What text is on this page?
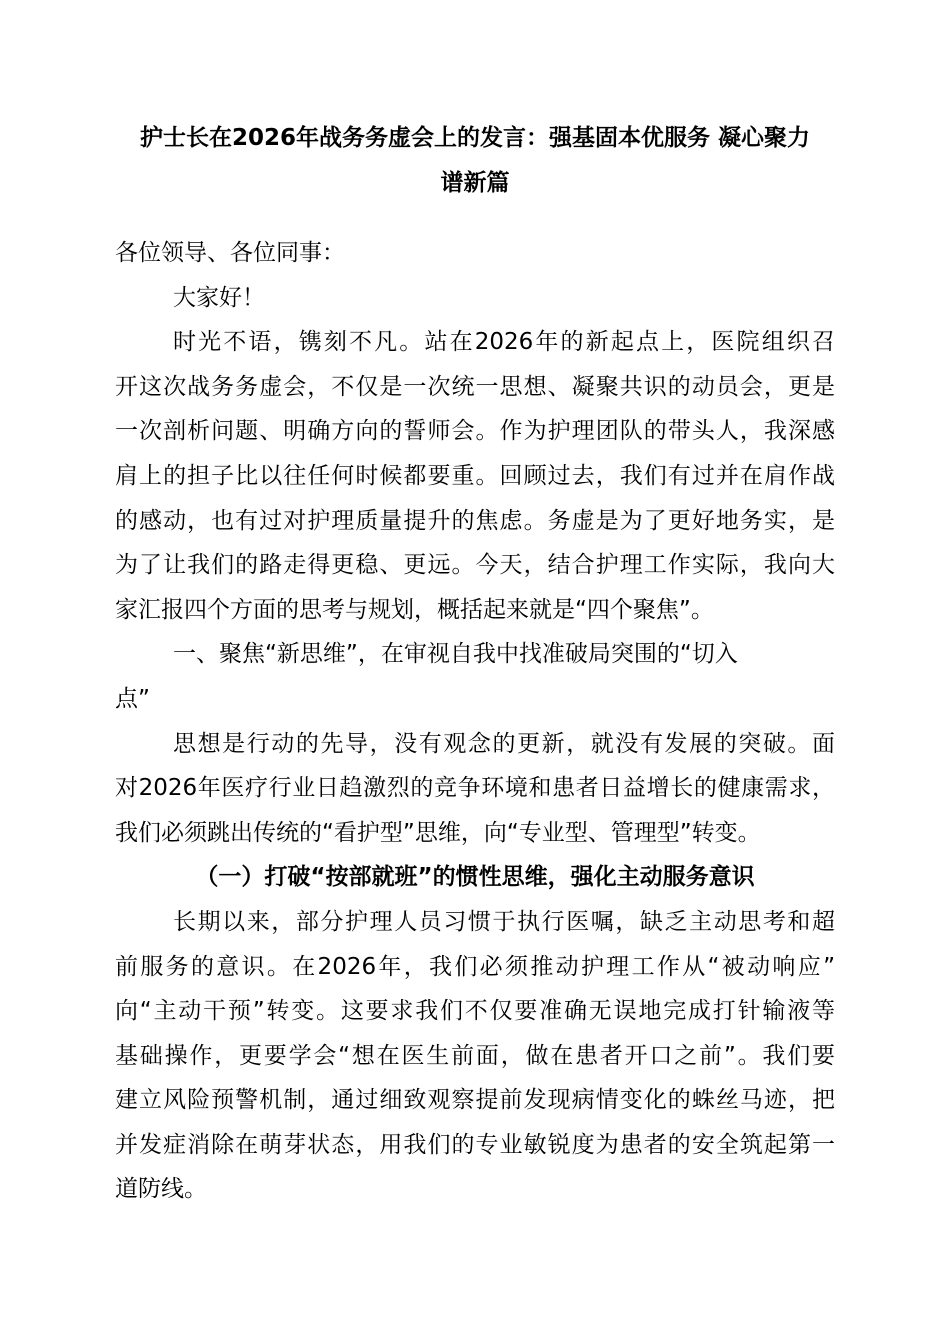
护士长在2026年战务务虚会上的发言：强基固本优服务 凝心聚力
谱新篇
各位领导、各位同事：
大家好！
时光不语，镌刻不凡。站在2026年的新起点上，医院组织召
开这次战务务虚会，不仅是一次统一思想、凝聚共识的动员会，更是
一次剖析问题、明确方向的誓师会。作为护理团队的带头人，我深感
肩上的担子比以往任何时候都要重。回顾过去，我们有过并在肩作战
的感动，也有过对护理质量提升的焦虑。务虚是为了更好地务实，是
为了让我们的路走得更稳、更远。今天，结合护理工作实际，我向大
家汇报四个方面的思考与规划，概括起来就是“四个聚焦”。
一、聚焦“新思维”，在审视自我中找准破局突围的“切入
点”
思想是行动的先导，没有观念的更新，就没有发展的突破。面
对2026年医疗行业日趋激烈的竞争环境和患者日益增长的健康需求，
我们必须跳出传统的“看护型”思维，向“专业型、管理型”转变。
（一）打破“按部就班”的惯性思维，强化主动服务意识
长期以来，部分护理人员习惯于执行医嘱，缺乏主动思考和超
前服务的意识。在2026年，我们必须推动护理工作从“被动响应”
向“主动干预”转变。这要求我们不仅要准确无误地完成打针输液等
基础操作，更要学会“想在医生前面，做在患者开口之前”。我们要
建立风险预警机制，通过细致观察提前发现病情变化的蛛丝马迹，把
并发症消除在萌芽状态，用我们的专业敏锐度为患者的安全筑起第一
道防线。
